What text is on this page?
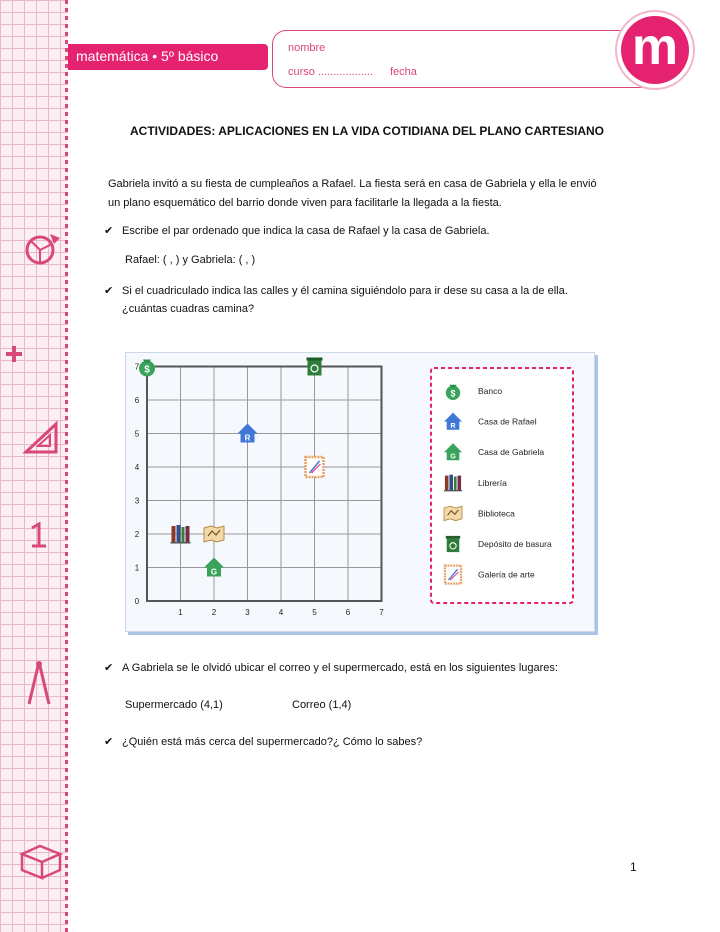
matemática • 5º básico	nombre
curso .................. fecha	m
ACTIVIDADES: APLICACIONES EN LA VIDA COTIDIANA DEL PLANO CARTESIANO
Gabriela invitó a su fiesta de cumpleaños a Rafael. La fiesta será en casa de Gabriela y ella le envió
un plano esquemático del barrio donde viven para facilitarle la llegada a la fiesta.
✔ Escribe el par ordenado que indica la casa de Rafael y la casa de Gabriela.
Rafael: ( , ) y Gabriela: ( , )
✔ Si el cuadriculado indica las calles y él camina siguiéndolo para ir dese su casa a la de ella.
¿cuántas cuadras camina?
1	2	3	4	5	6	7
0
1
2
3
4
5
6
7 $
R
G
$	Banco
R	Casa de Rafael
G	Casa de Gabriela
Librería
Biblioteca
Depósito de basura
Galería de arte
✔ A Gabriela se le olvidó ubicar el correo y el supermercado, está en los siguientes lugares:
Supermercado (4,1)	Correo (1,4)
✔ ¿Quién está más cerca del supermercado?¿ Cómo lo sabes?
1
